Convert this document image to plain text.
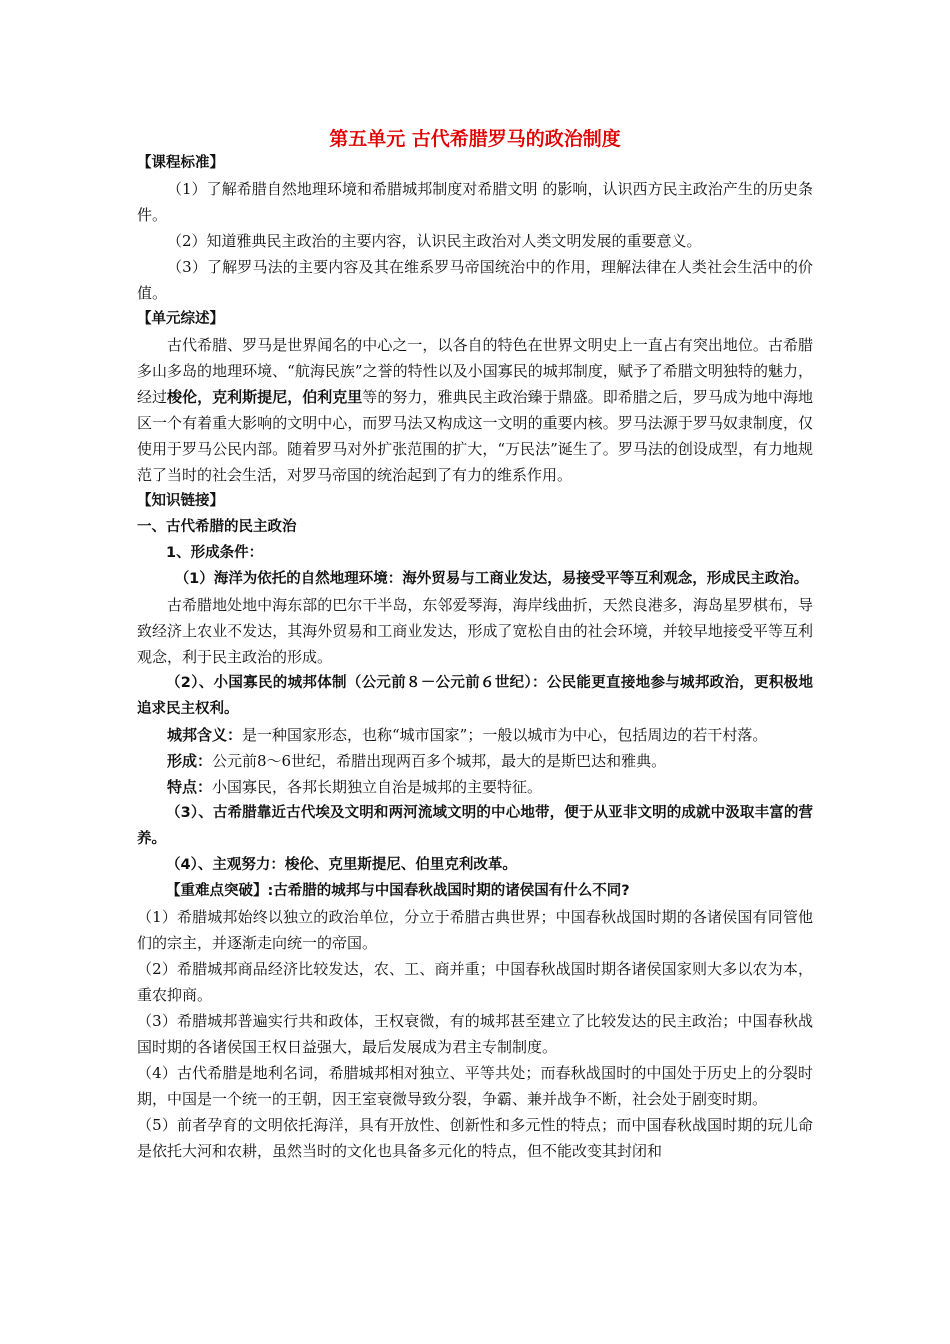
第五单元 古代希腊罗马的政治制度

【课程标准】

（1）了解希腊自然地理环境和希腊城邦制度对希腊文明 的影响，认识西方民主政治产生的历史条件。

（2）知道雅典民主政治的主要内容，认识民主政治对人类文明发展的重要意义。

（3）了解罗马法的主要内容及其在维系罗马帝国统治中的作用，理解法律在人类社会生活中的价值。

【单元综述】

古代希腊、罗马是世界闻名的中心之一，以各自的特色在世界文明史上一直占有突出地位。古希腊多山多岛的地理环境、“航海民族”之誉的特性以及小国寡民的城邦制度，赋予了希腊文明独特的魅力，经过梭伦，克利斯提尼，伯利克里等的努力，雅典民主政治臻于鼎盛。即希腊之后，罗马成为地中海地区一个有着重大影响的文明中心，而罗马法又构成这一文明的重要内核。罗马法源于罗马奴隶制度，仅使用于罗马公民内部。随着罗马对外扩张范围的扩大，“万民法”诞生了。罗马法的创设成型，有力地规范了当时的社会生活，对罗马帝国的统治起到了有力的维系作用。

【知识链接】

一、古代希腊的民主政治

1、形成条件：

（1）海洋为依托的自然地理环境：海外贸易与工商业发达，易接受平等互利观念，形成民主政治。

古希腊地处地中海东部的巴尔干半岛，东邻爱琴海，海岸线曲折，天然良港多，海岛星罗棋布，导致经济上农业不发达，其海外贸易和工商业发达，形成了宽松自由的社会环境，并较早地接受平等互利观念，利于民主政治的形成。

（2）、小国寡民的城邦体制（公元前８－公元前６世纪）：公民能更直接地参与城邦政治，更积极地追求民主权利。

城邦含义：是一种国家形态，也称“城市国家”；一般以城市为中心，包括周边的若干村落。

形成：公元前8～6世纪，希腊出现两百多个城邦，最大的是斯巴达和雅典。

特点：小国寡民，各邦长期独立自治是城邦的主要特征。

（3）、古希腊靠近古代埃及文明和两河流域文明的中心地带，便于从亚非文明的成就中汲取丰富的营养。

（4）、主观努力：梭伦、克里斯提尼、伯里克利改革。

【重难点突破】:古希腊的城邦与中国春秋战国时期的诸侯国有什么不同?

（1）希腊城邦始终以独立的政治单位，分立于希腊古典世界；中国春秋战国时期的各诸侯国有同管他们的宗主，并逐渐走向统一的帝国。

（2）希腊城邦商品经济比较发达，农、工、商并重；中国春秋战国时期各诸侯国家则大多以农为本，重农抑商。

（3）希腊城邦普遍实行共和政体，王权衰微，有的城邦甚至建立了比较发达的民主政治；中国春秋战国时期的各诸侯国王权日益强大，最后发展成为君主专制制度。

（4）古代希腊是地利名词，希腊城邦相对独立、平等共处；而春秋战国时的中国处于历史上的分裂时期，中国是一个统一的王朝，因王室衰微导致分裂，争霸、兼并战争不断，社会处于剧变时期。

（5）前者孕育的文明依托海洋，具有开放性、创新性和多元性的特点；而中国春秋战国时期的玩儿命是依托大河和农耕，虽然当时的文化也具备多元化的特点，但不能改变其封闭和
